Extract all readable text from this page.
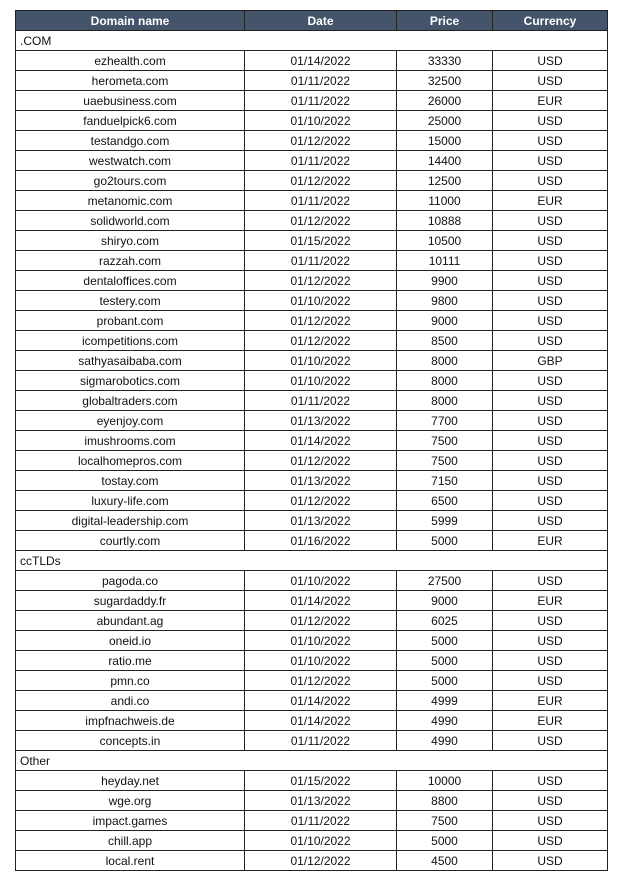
Domain name	Date	Price	Currency
.COM			
ezhealth.com	01/14/2022	33330	USD
herometa.com	01/11/2022	32500	USD
uaebusiness.com	01/11/2022	26000	EUR
fanduelpick6.com	01/10/2022	25000	USD
testandgo.com	01/12/2022	15000	USD
westwatch.com	01/11/2022	14400	USD
go2tours.com	01/12/2022	12500	USD
metanomic.com	01/11/2022	11000	EUR
solidworld.com	01/12/2022	10888	USD
shiryo.com	01/15/2022	10500	USD
razzah.com	01/11/2022	10111	USD
dentaloffices.com	01/12/2022	9900	USD
testery.com	01/10/2022	9800	USD
probant.com	01/12/2022	9000	USD
icompetitions.com	01/12/2022	8500	USD
sathyasaibaba.com	01/10/2022	8000	GBP
sigmarobotics.com	01/10/2022	8000	USD
globaltraders.com	01/11/2022	8000	USD
eyenjoy.com	01/13/2022	7700	USD
imushrooms.com	01/14/2022	7500	USD
localhomepros.com	01/12/2022	7500	USD
tostay.com	01/13/2022	7150	USD
luxury-life.com	01/12/2022	6500	USD
digital-leadership.com	01/13/2022	5999	USD
courtly.com	01/16/2022	5000	EUR
ccTLDs			
pagoda.co	01/10/2022	27500	USD
sugardaddy.fr	01/14/2022	9000	EUR
abundant.ag	01/12/2022	6025	USD
oneid.io	01/10/2022	5000	USD
ratio.me	01/10/2022	5000	USD
pmn.co	01/12/2022	5000	USD
andi.co	01/14/2022	4999	EUR
impfnachweis.de	01/14/2022	4990	EUR
concepts.in	01/11/2022	4990	USD
Other			
heyday.net	01/15/2022	10000	USD
wge.org	01/13/2022	8800	USD
impact.games	01/11/2022	7500	USD
chill.app	01/10/2022	5000	USD
local.rent	01/12/2022	4500	USD
